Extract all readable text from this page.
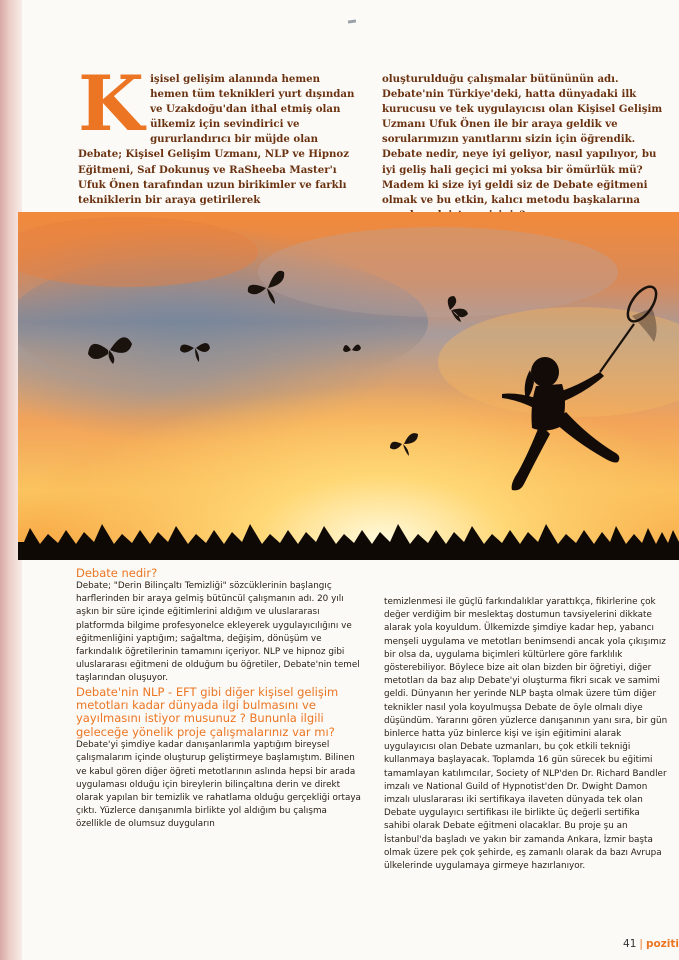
K işisel gelişim alanında hemen hemen tüm teknikleri yurt dışından ve Uzakdoğu'dan ithal etmiş olan ülkemiz için sevindirici ve gururlandırıcı bir müjde olan Debate; Kişisel Gelişim Uzmanı, NLP ve Hipnoz Eğitmeni, Saf Dokunuş ve RaSheeba Master'ı Ufuk Önen tarafından uzun birikimler ve farklı tekniklerin bir araya getirilerek
oluşturulduğu çalışmalar bütününün adı. Debate'nin Türkiye'deki, hatta dünyadaki ilk kurucusu ve tek uygulayıcısı olan Kişisel Gelişim Uzmanı Ufuk Önen ile bir araya geldik ve sorularımızın yanıtlarını sizin için öğrendik. Debate nedir, neye iyi geliyor, nasıl yapılıyor, bu iyi geliş hali geçici mi yoksa bir ömürlük mü? Madem ki size iyi geldi siz de Debate eğitmeni olmak ve bu etkin, kalıcı metodu başkalarına
Debate nedir?

Debate; "Derin Bilinçaltı Temizliği" sözcüklerinin başlangıç harflerinden bir araya gelmiş bütüncül çalışmanın adı. 20 yılı aşkın bir süre içinde eğitimlerini aldığım ve uluslararası platformda bilgime profesyonelce ekleyerek uygulayıcılığını ve eğitmenliğini yaptığım; sağaltma, değişim, dönüşüm ve farkındalık öğretilerinin tamamını içeriyor. NLP ve hipnoz gibi uluslararası eğitmeni de olduğum bu öğretiler, Debate'nin temel taşlarından oluşuyor.

Debate'nin NLP - EFT gibi diğer kişisel gelişim metotları kadar dünyada ilgi bulmasını ve yayılmasını istiyor musunuz ? Bununla ilgili geleceğe yönelik proje çalışmalarınız var mı?

Debate'yi şimdiye kadar danışanlarımla yaptığım bireysel çalışmalarım içinde oluşturup geliştirmeye başlamıştım. Bilinen ve kabul gören diğer öğreti metotlarının aslında hepsi bir arada uygulaması olduğu için bireylerin bilinçaltına derin ve direkt olarak yapılan bir temizlik ve rahatlama olduğu gerçekliği ortaya çıktı. Yüzlerce danışanımla birlikte yol aldığım bu çalışma özellikle de olumsuz duyguların

temizlenmesi ile güçlü farkındalıklar yarattıkça, fikirlerine çok değer verdiğim bir meslektaş dostumun tavsiyelerini dikkate alarak yola koyuldum. Ülkemizde şimdiye kadar hep, yabancı menşeli uygulama ve metotları benimsendi ancak yola çıkışımız bir olsa da, uygulama biçimleri kültürlere göre farklılık gösterebiliyor. Böylece bize ait olan bizden bir öğretiyi, diğer metotları da baz alıp Debate'yi oluşturma fikri sıcak ve samimi geldi. Dünyanın her yerinde NLP başta olmak üzere tüm diğer teknikler nasıl yola koyulmuşsa Debate de öyle olmalı diye düşündüm. Yararını gören yüzlerce danışanının yanı sıra, bir gün binlerce hatta yüz binlerce kişi ve işin eğitimini alarak uygulayıcısı olan Debate uzmanları, bu çok etkili tekniği kullanmaya başlayacak. Toplamda 16 gün sürecek bu eğitimi tamamlayan katılımcılar, Society of NLP'den Dr. Richard Bandler imzalı ve National Guild of Hypnotist'den Dr. Dwight Damon imzalı uluslararası iki sertifikaya ilaveten dünyada tek olan Debate uygulayıcı sertifikası ile birlikte üç değerli sertifika sahibi olarak Debate eğitmeni olacaklar. Bu proje şu an İstanbul'da başladı ve yakın bir zamanda Ankara, İzmir başta olmak üzere pek çok şehirde, eş zamanlı olarak da bazı Avrupa ülkelerinde uygulamaya girmeye hazırlanıyor.

41 | poziti
